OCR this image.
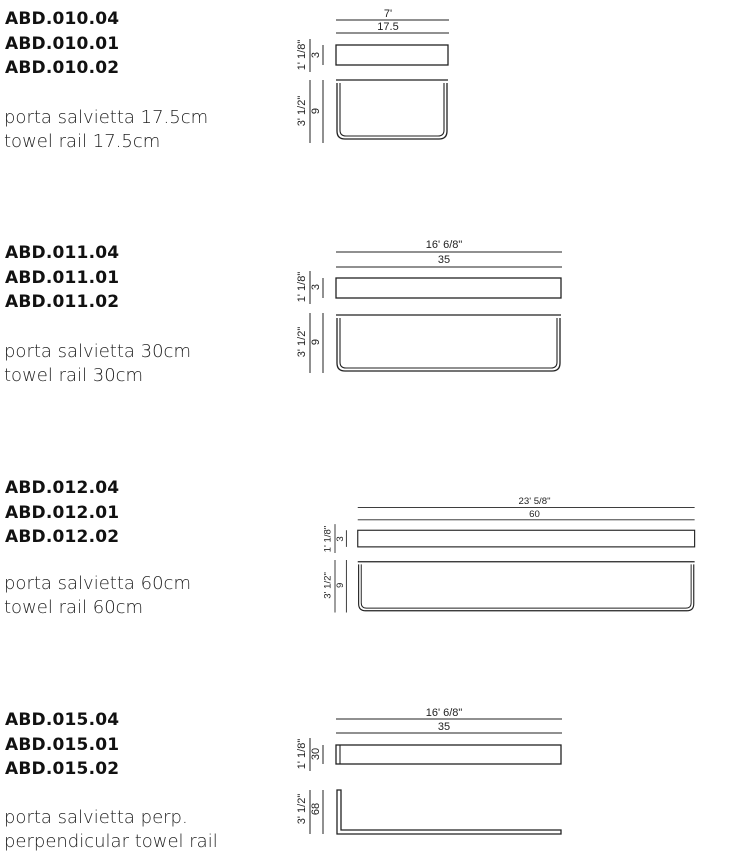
ABD.010.04
ABD.010.01
ABD.010.02
porta salvietta 17.5cm
towel rail 17.5cm
7'
17.5
1' 1/8" 3
3' 1/2" 9
ABD.011.04
ABD.011.01
ABD.011.02
porta salvietta 30cm
towel rail 30cm
16' 6/8"
35
1' 1/8" 3
3' 1/2" 9
ABD.012.04
ABD.012.01
ABD.012.02
porta salvietta 60cm
towel rail 60cm
23' 5/8"
60
1' 1/8" 3
3' 1/2" 9
ABD.015.04
ABD.015.01
ABD.015.02
porta salvietta perp.
perpendicular towel rail
16' 6/8"
35
1' 1/8" 30
3' 1/2" 68
